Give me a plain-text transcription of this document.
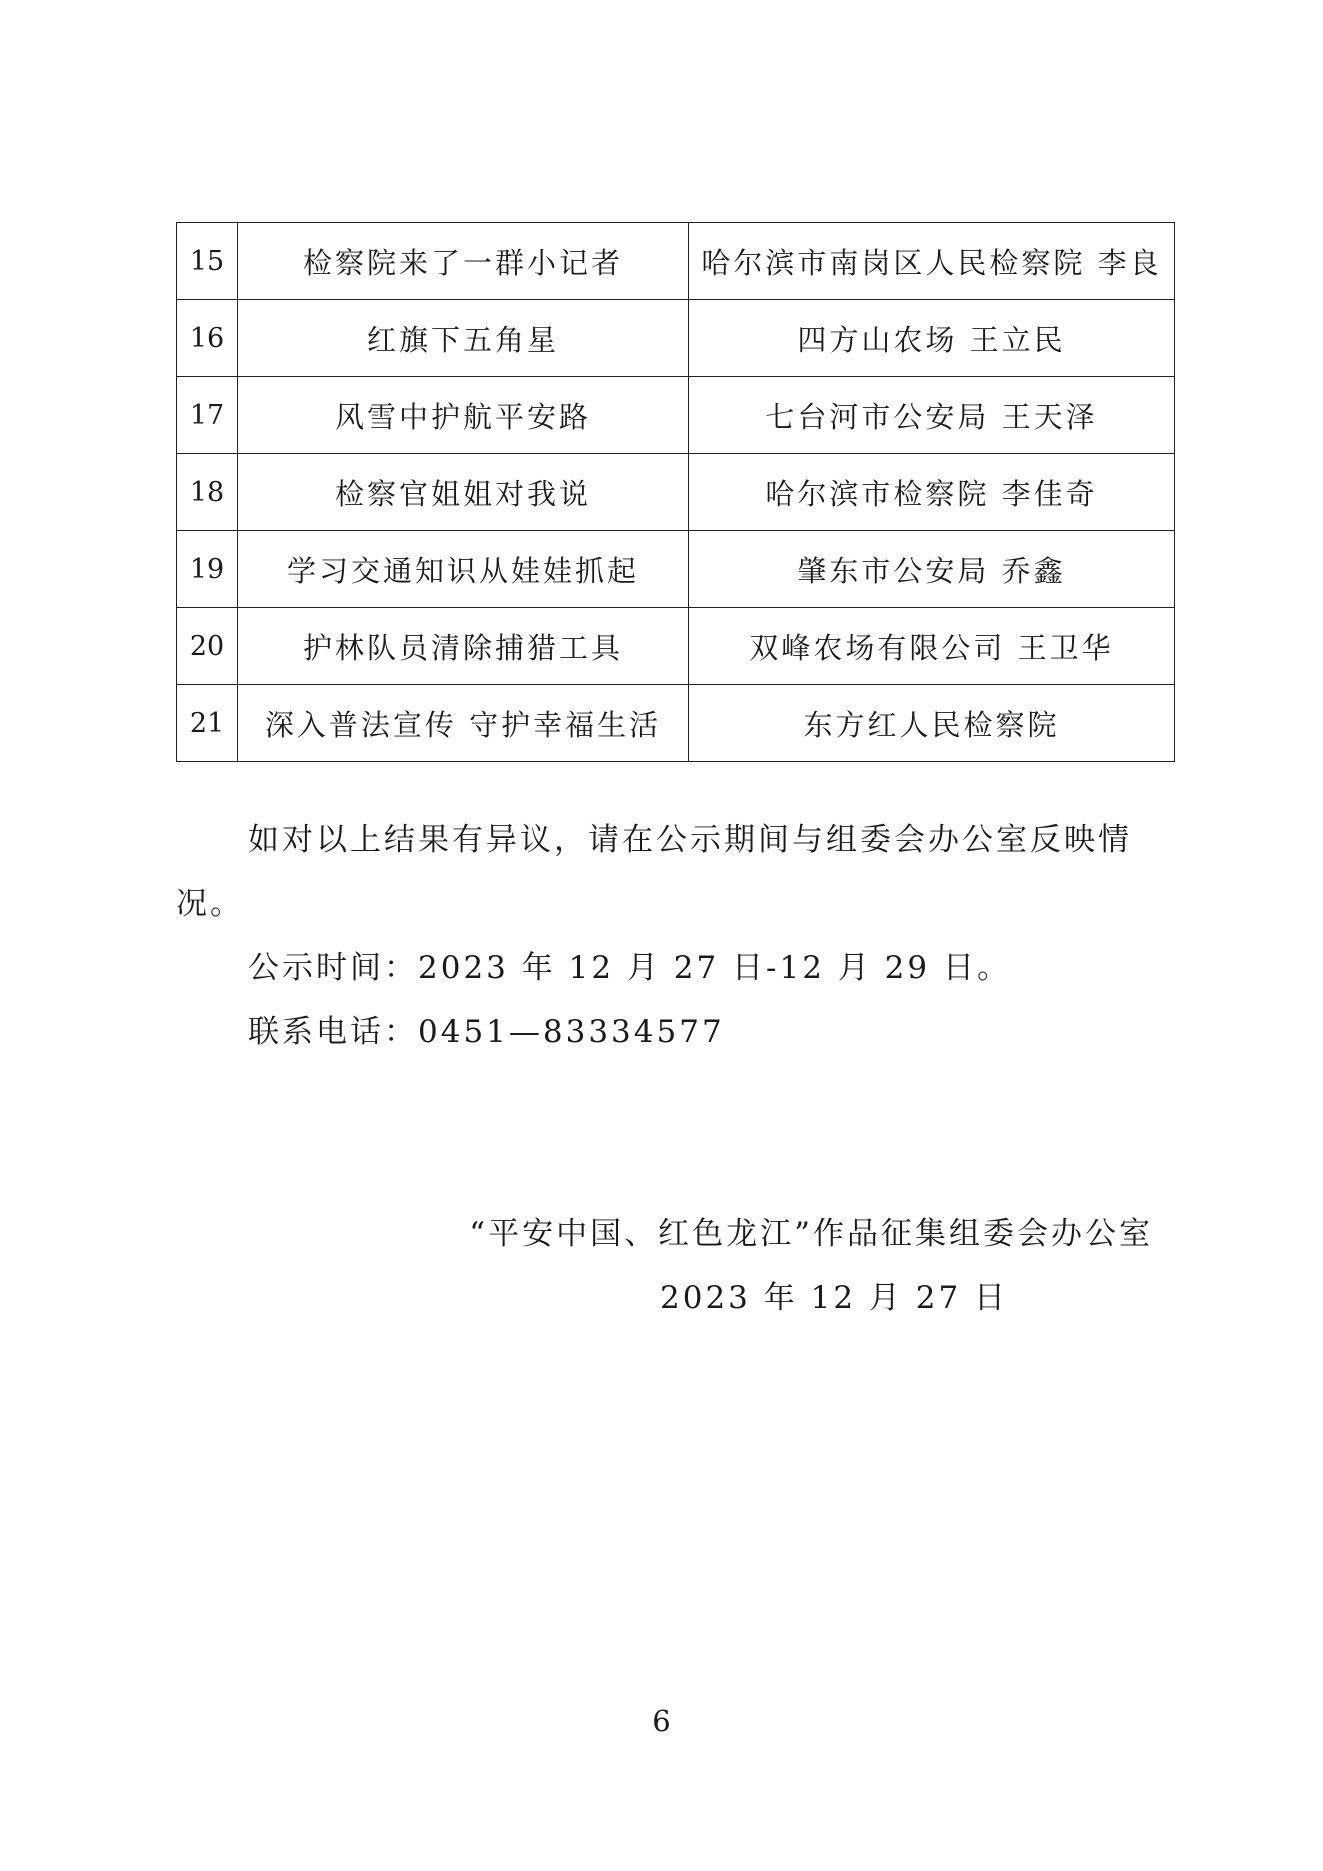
15	检察院来了一群小记者	哈尔滨市南岗区人民检察院 李良
16	红旗下五角星	四方山农场 王立民
17	风雪中护航平安路	七台河市公安局 王天泽
18	检察官姐姐对我说	哈尔滨市检察院 李佳奇
19	学习交通知识从娃娃抓起	肇东市公安局 乔鑫
20	护林队员清除捕猎工具	双峰农场有限公司 王卫华
21	深入普法宣传 守护幸福生活	东方红人民检察院

如对以上结果有异议，请在公示期间与组委会办公室反映情况。

公示时间：2023 年 12 月 27 日-12 月 29 日。

联系电话：0451—83334577

“平安中国、红色龙江”作品征集组委会办公室

2023 年 12 月 27 日

6
